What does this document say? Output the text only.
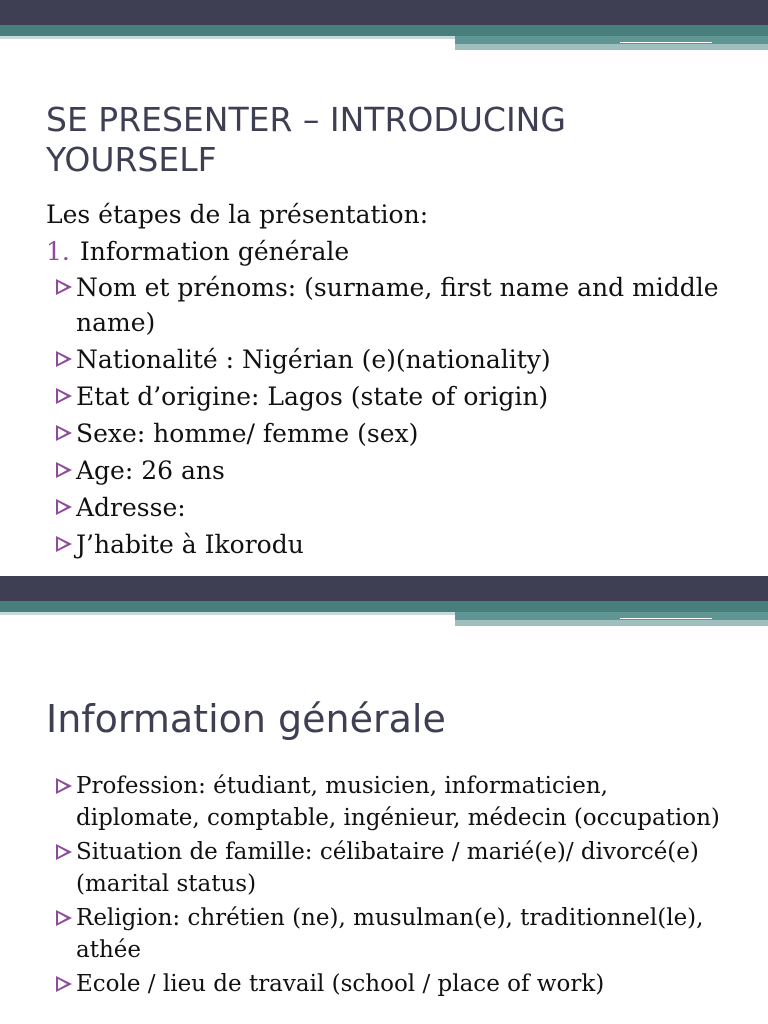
SE PRESENTER – INTRODUCING YOURSELF
Les étapes de la présentation:
1. Information générale
Nom et prénoms: (surname, first name and middle name)
Nationalité : Nigérian (e)(nationality)
Etat d’origine: Lagos (state of origin)
Sexe: homme/ femme (sex)
Age: 26 ans
Adresse:
J’habite à Ikorodu
Information générale
Profession: étudiant, musicien, informaticien, diplomate, comptable, ingénieur, médecin (occupation)
Situation de famille: célibataire / marié(e)/ divorcé(e) (marital status)
Religion: chrétien (ne), musulman(e), traditionnel(le), athée
Ecole / lieu de travail (school / place of work)
